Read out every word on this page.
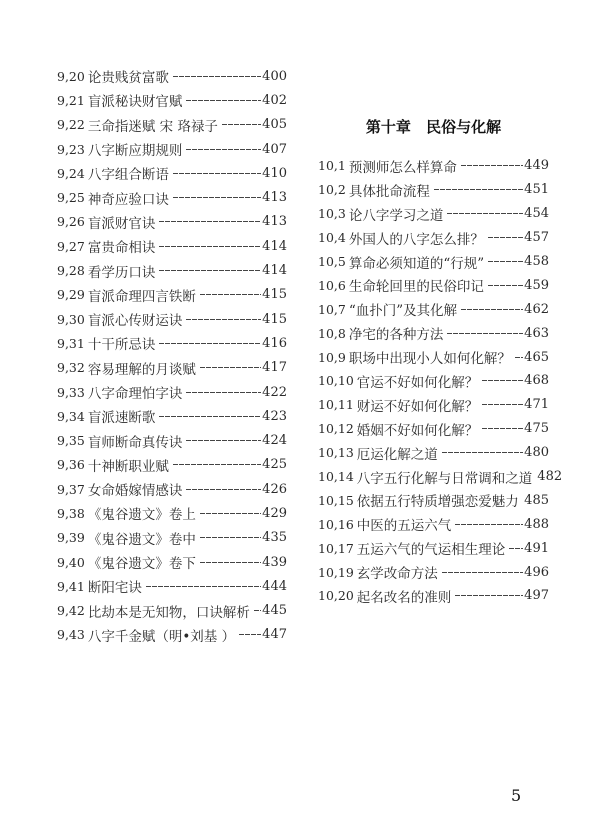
9,20 论贵贱贫富歌	400
9,21 盲派秘诀财官赋	402
9,22 三命指迷赋 宋 珞禄子	405
9,23 八字断应期规则	407
9,24 八字组合断语	410
9,25 神奇应验口诀	413
9,26 盲派财官诀	413
9,27 富贵命相诀	414
9,28 看学历口诀	414
9,29 盲派命理四言铁断	415
9,30 盲派心传财运诀	415
9,31 十干所忌诀	416
9,32 容易理解的月谈赋	417
9,33 八字命理怕字诀	422
9,34 盲派速断歌	423
9,35 盲师断命真传诀	424
9,36 十神断职业赋	425
9,37 女命婚嫁情感诀	426
9,38 《鬼谷遗文》卷上	429
9,39 《鬼谷遗文》卷中	435
9,40 《鬼谷遗文》卷下	439
9,41 断阳宅诀	444
9,42 比劫本是无知物，口诀解析 445
9,43 八字千金赋（明•刘基 ） 447
第十章 民俗与化解
10,1 预测师怎么样算命	449
10,2 具体批命流程	451
10,3 论八字学习之道	454
10,4 外国人的八字怎么排？	457
10,5 算命必须知道的“行规”	458
10,6 生命轮回里的民俗印记	459
10,7 “血扑门”及其化解	462
10,8 净宅的各种方法	463
10,9 职场中出现小人如何化解？ 465
10,10 官运不好如何化解？	468
10,11 财运不好如何化解？	471
10,12 婚姻不好如何化解？	475
10,13 厄运化解之道	480
10,14 八字五行化解与日常调和之道 482
10,15 依据五行特质增强恋爱魅力 485
10,16 中医的五运六气	488
10,17 五运六气的气运相生理论 491
10,19 玄学改命方法	496
10,20 起名改名的准则	497
5
